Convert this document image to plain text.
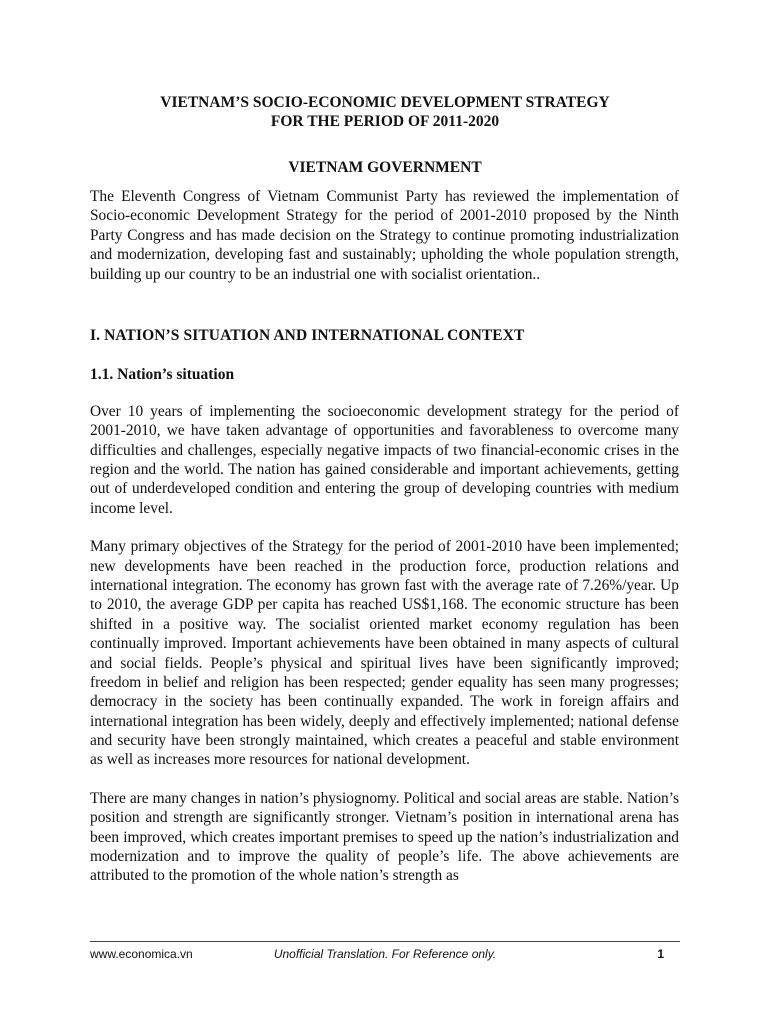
VIETNAM’S SOCIO-ECONOMIC DEVELOPMENT STRATEGY
FOR THE PERIOD OF 2011-2020
VIETNAM GOVERNMENT

The Eleventh Congress of Vietnam Communist Party has reviewed the implementation of Socio-economic Development Strategy for the period of 2001-2010 proposed by the Ninth Party Congress and has made decision on the Strategy to continue promoting industrialization and modernization, developing fast and sustainably; upholding the whole population strength, building up our country to be an industrial one with socialist orientation..

I. NATION’S SITUATION AND INTERNATIONAL CONTEXT
1.1. Nation’s situation

Over 10 years of implementing the socioeconomic development strategy for the period of 2001-2010, we have taken advantage of opportunities and favorableness to overcome many difficulties and challenges, especially negative impacts of two financial-economic crises in the region and the world. The nation has gained considerable and important achievements, getting out of underdeveloped condition and entering the group of developing countries with medium income level.

Many primary objectives of the Strategy for the period of 2001-2010 have been implemented; new developments have been reached in the production force, production relations and international integration. The economy has grown fast with the average rate of 7.26%/year. Up to 2010, the average GDP per capita has reached US$1,168. The economic structure has been shifted in a positive way. The socialist oriented market economy regulation has been continually improved. Important achievements have been obtained in many aspects of cultural and social fields. People’s physical and spiritual lives have been significantly improved; freedom in belief and religion has been respected; gender equality has seen many progresses; democracy in the society has been continually expanded. The work in foreign affairs and international integration has been widely, deeply and effectively implemented; national defense and security have been strongly maintained, which creates a peaceful and stable environment as well as increases more resources for national development.

There are many changes in nation’s physiognomy. Political and social areas are stable. Nation’s position and strength are significantly stronger. Vietnam’s position in international arena has been improved, which creates important premises to speed up the nation’s industrialization and modernization and to improve the quality of people’s life. The above achievements are attributed to the promotion of the whole nation’s strength as

www.economica.vn	Unofficial Translation. For Reference only.	1
